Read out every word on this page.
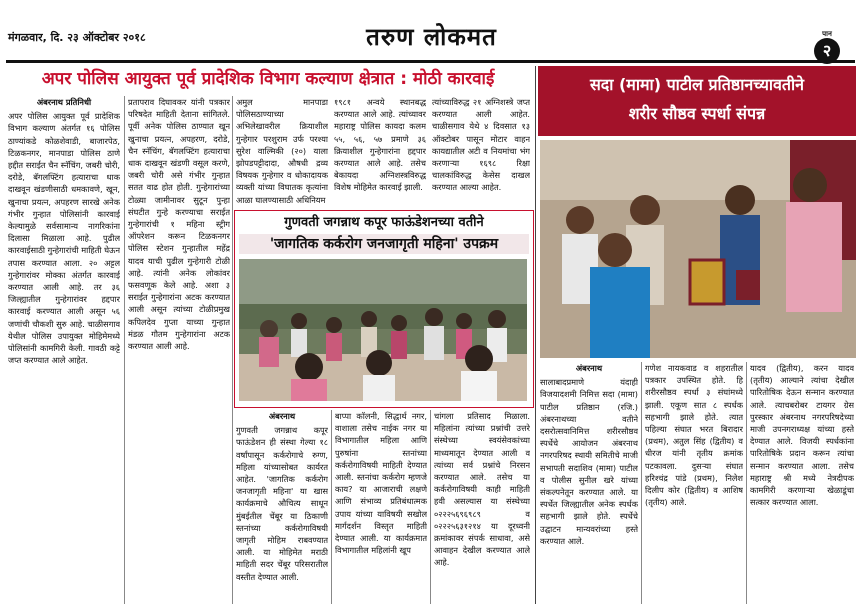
मंगळवार, दि. २३ ऑक्टोबर २०१८	तरुण लोकमत	पान
२
अपर पोलिस आयुक्त पूर्व प्रादेशिक विभाग कल्याण क्षेत्रात : मोठी कारवाई
अंबरनाथ प्रतिनिधी

अपर पोलिस आयुक्त पूर्व प्रादेशिक विभाग कल्याण अंतर्गत १६ पोलिस ठाण्यांकडे कोळशेवाडी, बाजारपेठ, टिळकनगर, मानपाडा पोलिस ठाणे हद्दीत सराईत चैन स्नॅचिंग, जबरी चोरी, दरोडे, बॅगलफ्टिंग हत्याराचा धाक दाखवून खंडणीसाठी धमकावणे, खून, खुनाचा प्रयत्न, अपहरण सारखे अनेक गंभीर गुन्हात पोलिसांनी कारवाई केल्यामुळे सर्वसामान्य नागरिकांना दिलासा मिळाला आहे. पुढील कारवाईसाठी गुन्हेगारांची माहिती घेऊन तपास करण्यात आला. २० अट्टल गुन्हेगारांवर मोक्का अंतर्गत कारवाई करण्यात आली आहे. तर ३६ जिल्ह्यातील गुन्हेगारांवर हद्दपार कारवाई करण्यात आली असून ५६ जणांची चौकशी सुरु आहे. चाळीसगाव येथील पोलिस उपायुक्त मोहिमेमध्ये पोलिसांनी कामगिरी केली. गावठी कट्टे जप्त करण्यात आले आहेत.

प्रतापराव दिघावकर यांनी पत्रकार परिषदेत माहिती देताना सांगितले. पूर्वी अनेक पोलिस ठाण्यात खून खुनाचा प्रयत्न, अपहरण, दरोडे, चैन स्नॅचिंग, बॅगलफ्टिंग हत्याराचा धाक दाखवून खंडणी वसूल करणे, जबरी चोरी असे गंभीर गुन्हात सतत वाढ होत होती. गुन्हेगारांच्या टोळ्या जामीनावर सुटून पुन्हा संघटीत गुन्हे करण्याचा सराईत गुन्हेगारांची १ महिना स्ट्रीग ऑपरेशन करून टिळकनगर पोलिस स्टेशन गुन्हातील महेंद्र यादव याची पुढील गुन्हेगारी टोळी आहे. त्यांनी अनेक लोकांवर फसवणूक केले आहे. अशा ३ सराईत गुन्हेगारांना अटक करण्यात आली असून त्यांच्या टोळीप्रमुख कपिलदेव गुप्ता याच्या गुन्हात मंडळ गौतम गुन्हेगारांना अटक करण्यात आली आहे.

अमुल मानपाडा पोलिसठाण्याच्या अभिलेखावरील क्रियाशील गुन्हेगार परशुराम उर्फ परश्या सुरेश वाल्मिकी (२०) याला झोपडपट्टीदादा, औषधी द्रव्य विषयक गुन्हेगार व धोकादायक व्यक्ती यांच्या विघातक कृत्यांना आळा घालण्यासाठी अधिनियम

१९८१ अन्वये स्थानबद्ध करण्यात आले आहे. त्यांच्यावर महाराष्ट्र पोलिस कायदा कलम ५५, ५६, ५७ प्रमाणे ३६ क्रियाशील गुन्हेगारांना हद्दपार करण्यात आले आहे. तसेच बेकायदा अग्निशस्त्रविरुद्ध विशेष मोहिमेत कारवाई झाली.

त्यांच्याविरुद्ध २१ अग्निशस्त्रे जप्त करण्यात आली आहेत. चाळीसगाव येथे ४ दिवसात १३ ऑक्टोबर पासून मोटार वाहन कायद्यातील अटी व नियमांचा भंग करणाऱ्या १६९८ रिक्षा चालकांविरुद्ध केसेस दाखल करण्यात आल्या आहेत.

गुणवती जगन्नाथ कपूर फाऊंडेशनच्या वतीने
'जागतिक कर्करोग जनजागृती महिना' उपक्रम
अंबरनाथ

गुणवती जगन्नाथ कपूर फाऊंडेशन ही संस्था गेल्या १८ वर्षांपासून कर्करोगाचे रुग्ण, महिला यांच्यासोबत कार्यरत आहेत. 'जागतिक कर्करोग जनजागृती महिना' या खास कार्यक्रमाचे औचित्य साधून मुंबईतील चेंबूर या ठिकाणी स्तनांच्या कर्करोगाविषयी जागृती मोहिम राबवण्यात आली. या मोहिमेत मराठी माहिती सदर चेंबूर परिसरातील वस्तीत देण्यात आली.

बाप्पा कॉलनी, सिद्धार्थ नगर, वाशाला तसेच नाईक नगर या विभागातील महिला आणि पुरुषांना स्तनांच्या कर्करोगाविषयी माहिती देण्यात आली. स्तनांचा कर्करोग म्हणजे काय? या आजाराची लक्षणे आणि संभाव्य प्रतिबंधात्मक उपाय यांच्या याविषयी सखोल मार्गदर्शन विस्तृत माहिती देण्यात आली. या कार्यक्रमात विभागातील महिलांनी खूप

चांगला प्रतिसाद मिळाला. महिलांना त्यांच्या प्रश्नांची उत्तरे संस्थेच्या स्वयंसेवकांच्या माध्यमातून देण्यात आली व त्यांच्या सर्व प्रश्नांचे निरसन करण्यात आले. तसेच या कर्करोगाविषयी काही माहिती हवी असल्यास या संस्थेच्या ०२२२५६९६९८९ व ०२२२५६३१२१४ या दूरध्वनी क्रमांकावर संपर्क साधावा, असे आवाहन देखील करण्यात आले आहे.

सदा (मामा) पाटील प्रतिष्ठानच्यावतीने
शरीर सौष्ठव स्पर्धा संपन्न
अंबरनाथ

सालाबादप्रमाणे यंदाही विजयादशमी निमित्त सदा (मामा) पाटील प्रतिष्ठान (रजि.) अंबरनाथच्या वतीने दसरोत्सवानिमित्त शरीरसौष्ठव स्पर्धेचे आयोजन अंबरनाथ नगरपरिषद स्थायी समितीचे माजी सभापती सदाशिव (मामा) पाटील व पोलीस सुनील खरे यांच्या संकल्पनेतून करण्यात आले. या स्पर्धेत जिल्ह्यातील अनेक स्पर्धक सहभागी झाले होते. स्पर्धेचे उद्घाटन मान्यवरांच्या हस्ते करण्यात आले.

गणेश नायकवाड व शहरातील पत्रकार उपस्थित होते. हि शरीरसौष्ठव स्पर्धा ३ संघांमध्ये झाली. एकूण सात ८ स्पर्धक सहभागी झाले होते. त्यात पहिल्या संघात भरत बिरादार (प्रथम), अतुल सिंह (द्वितीय) व धीरज यांनी तृतीय क्रमांक पटकावला. दुसऱ्या संघात हरिश्चंद्र पांडे (प्रथम), निलेश दिलीप कोर (द्वितीय) व आशिष (तृतीय) आले.

यादव (द्वितीय), करन यादव (तृतीय) आल्याने त्यांचा देखील पारितोषिक देऊन सन्मान करण्यात आले. त्याचबरोबर टायगर ग्रेस पुरस्कार अंबरनाथ नगरपरिषदेच्या माजी उपनगराध्यक्ष यांच्या हस्ते देण्यात आले. विजयी स्पर्धकांना पारितोषिके प्रदान करून त्यांचा सन्मान करण्यात आला. तसेच महाराष्ट्र श्री मध्ये नेत्रदीपक कामगिरी करणाऱ्या खेळाडूंचा सत्कार करण्यात आला.
